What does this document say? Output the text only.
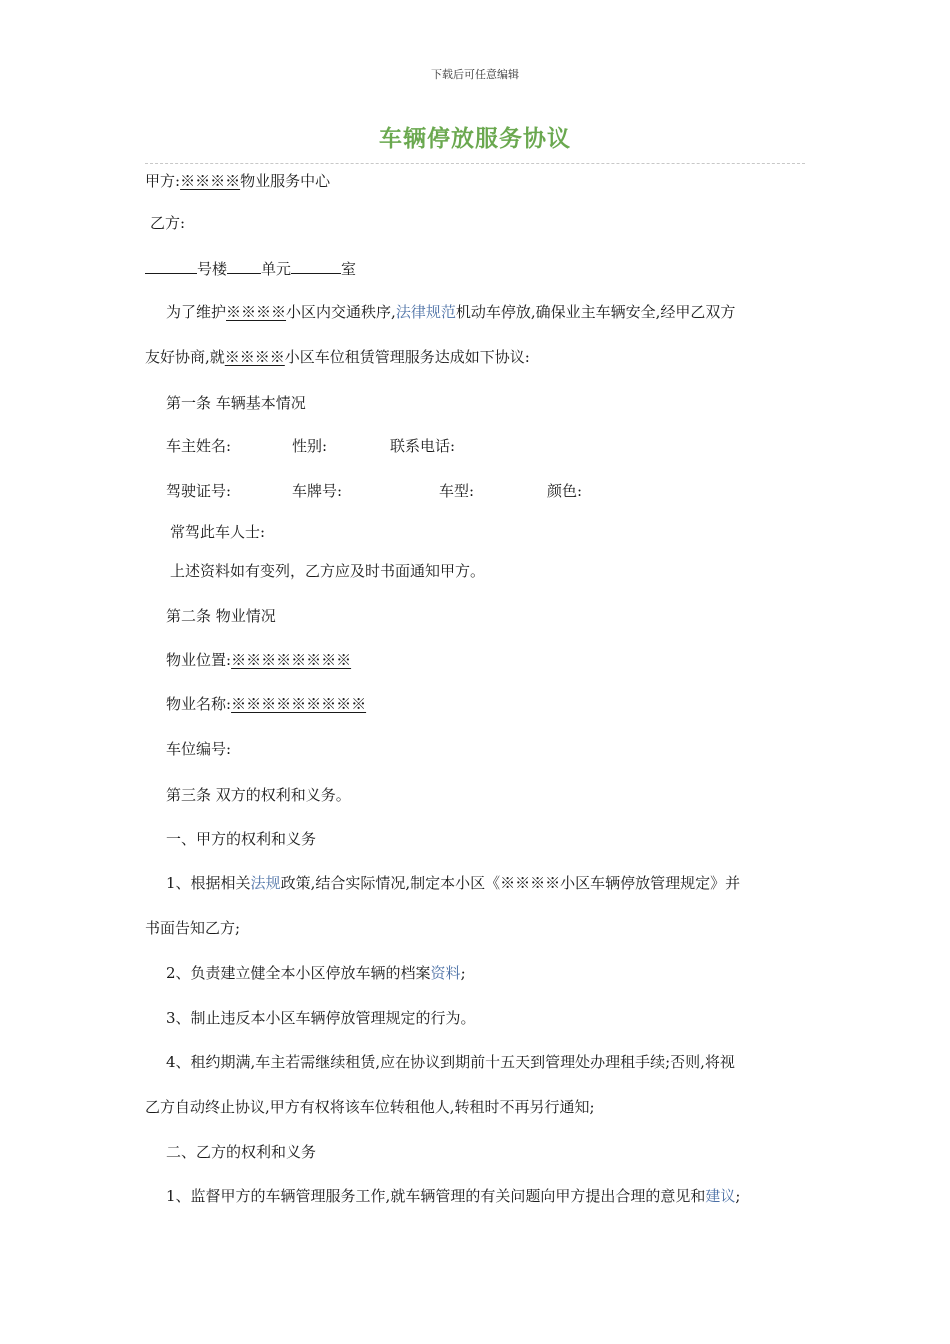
下载后可任意编辑
车辆停放服务协议
甲方:※※※※物业服务中心
乙方:
号楼 单元	室
为了维护※※※※小区内交通秩序,法律规范机动车停放,确保业主车辆安全,经甲乙双方
友好协商,就※※※※小区车位租赁管理服务达成如下协议:
第一条 车辆基本情况
车主姓名:	性别:	联系电话:
驾驶证号:	车牌号:	车型:	颜色:
常驾此车人士:
上述资料如有变列，乙方应及时书面通知甲方。
第二条 物业情况
物业位置:※※※※※※※※
物业名称:※※※※※※※※※
车位编号:
第三条 双方的权利和义务。
一、甲方的权利和义务
1、根据相关法规政策,结合实际情况,制定本小区《※※※※小区车辆停放管理规定》并
书面告知乙方;
2、负责建立健全本小区停放车辆的档案资料;
3、制止违反本小区车辆停放管理规定的行为。
4、租约期满,车主若需继续租赁,应在协议到期前十五天到管理处办理租手续;否则,将视
乙方自动终止协议,甲方有权将该车位转租他人,转租时不再另行通知;
二、乙方的权利和义务
1、监督甲方的车辆管理服务工作,就车辆管理的有关问题向甲方提出合理的意见和建议;
